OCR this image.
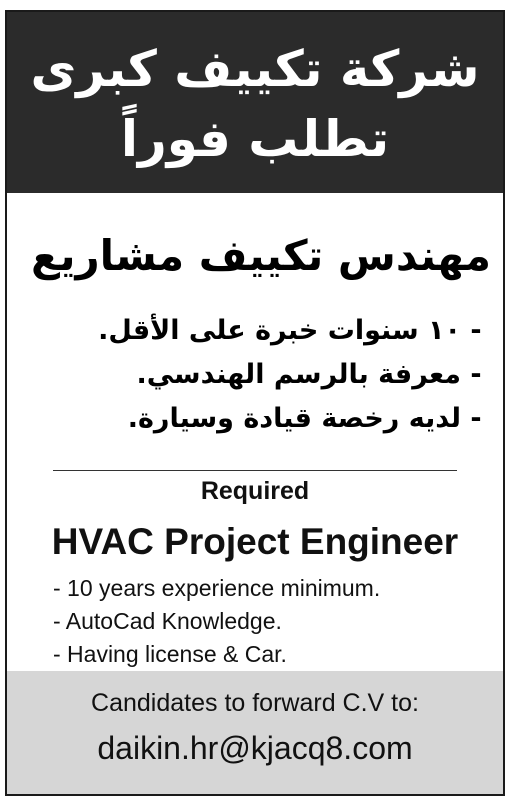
شركة تكييف كبرى
تطلب فوراً
مهندس تكييف مشاريع
-١٠ سنوات خبرة على الأقل.
-معرفة بالرسم الهندسي.
-لديه رخصة قيادة وسيارة.
Required
HVAC Project Engineer
- 10 years experience minimum.
- AutoCad Knowledge.
- Having license & Car.
Candidates to forward C.V to:
daikin.hr@kjacq8.com
